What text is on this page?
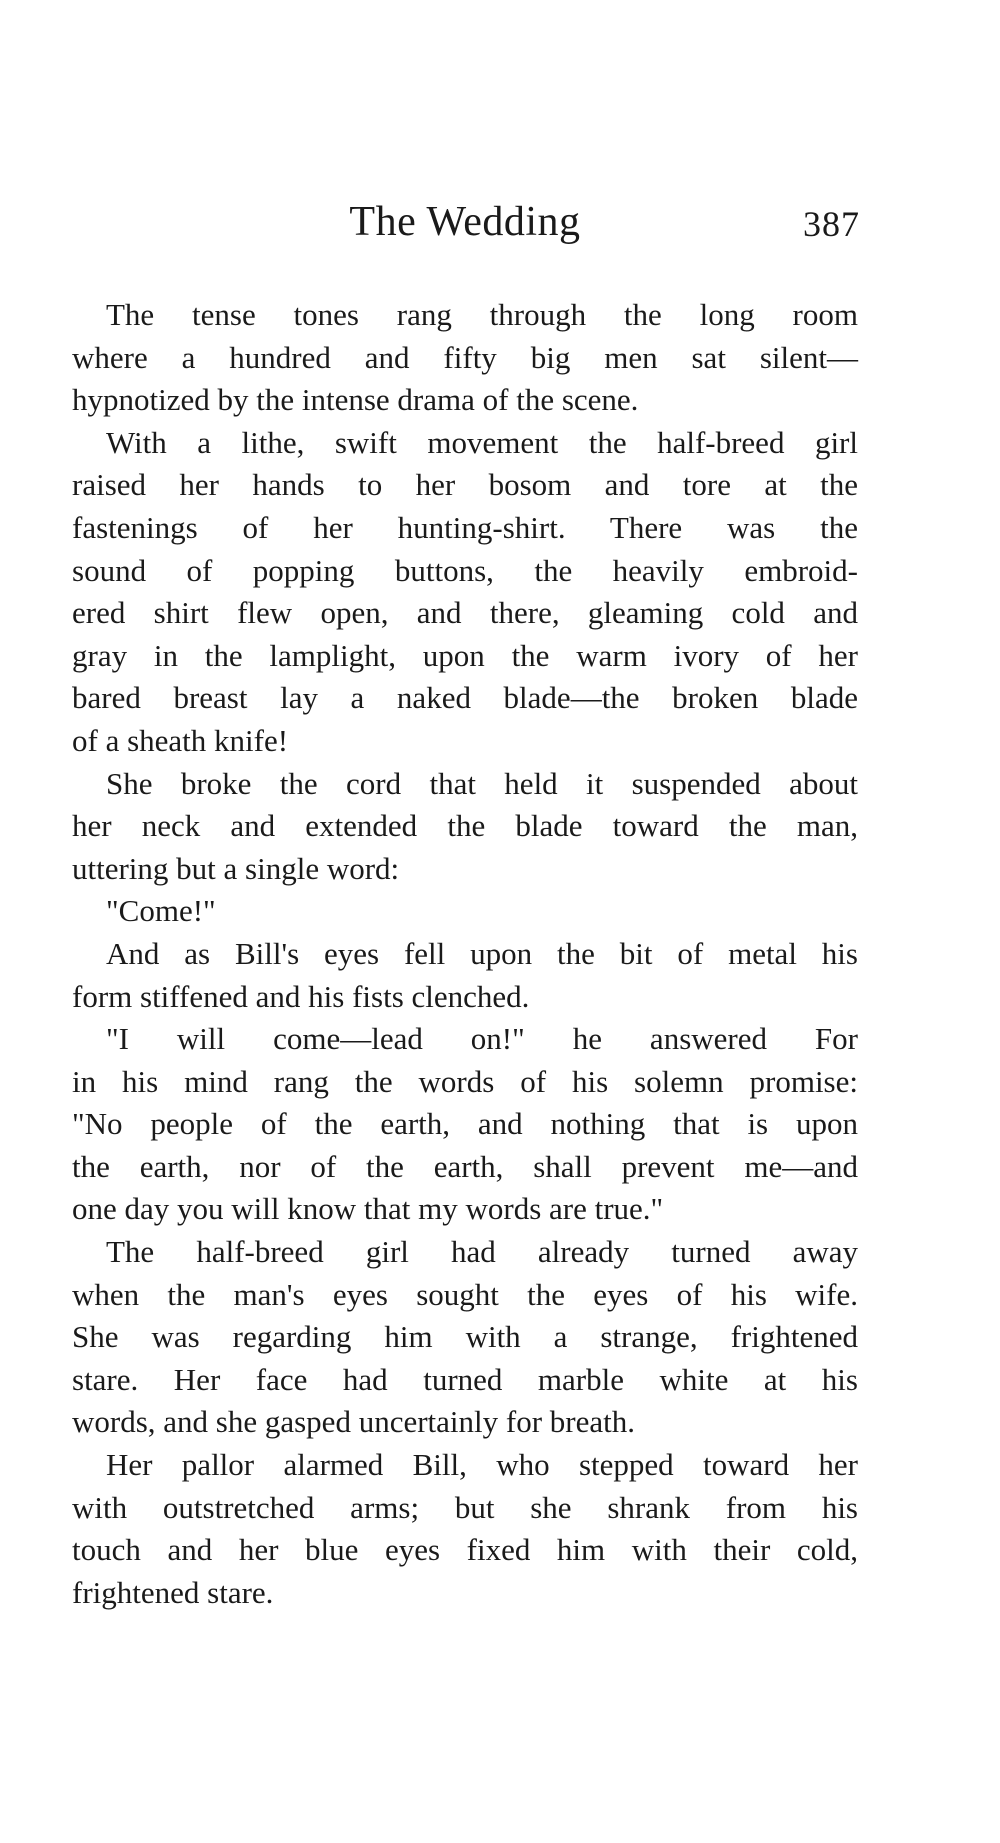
The Wedding	387
The tense tones rang through the long room
where a hundred and fifty big men sat silent—
hypnotized by the intense drama of the scene.
With a lithe, swift movement the half-breed girl
raised her hands to her bosom and tore at the
fastenings of her hunting-shirt. There was the
sound of popping buttons, the heavily embroid-
ered shirt flew open, and there, gleaming cold and
gray in the lamplight, upon the warm ivory of her
bared breast lay a naked blade—the broken blade
of a sheath knife!
She broke the cord that held it suspended about
her neck and extended the blade toward the man,
uttering but a single word:
"Come!"
And as Bill's eyes fell upon the bit of metal his
form stiffened and his fists clenched.
"I will come—lead on!" he answered For
in his mind rang the words of his solemn promise:
"No people of the earth, and nothing that is upon
the earth, nor of the earth, shall prevent me—and
one day you will know that my words are true."
The half-breed girl had already turned away
when the man's eyes sought the eyes of his wife.
She was regarding him with a strange, frightened
stare. Her face had turned marble white at his
words, and she gasped uncertainly for breath.
Her pallor alarmed Bill, who stepped toward her
with outstretched arms; but she shrank from his
touch and her blue eyes fixed him with their cold,
frightened stare.
